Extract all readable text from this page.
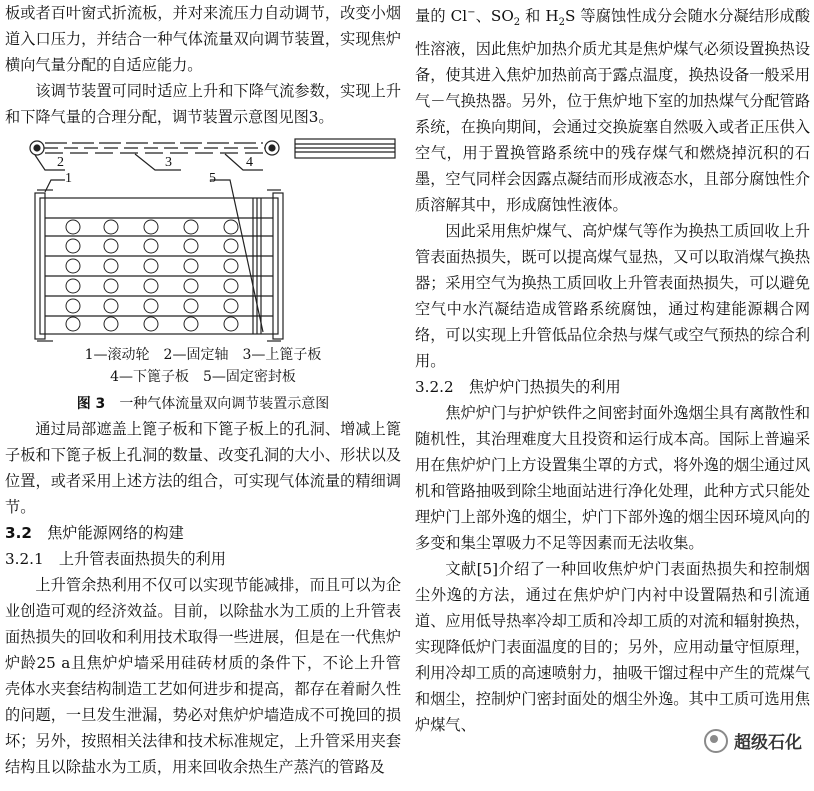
板或者百叶窗式折流板，并对来流压力自动调节，改变小烟道入口压力，并结合一种气体流量双向调节装置，实现焦炉横向气量分配的自适应能力。

该调节装置可同时适应上升和下降气流参数，实现上升和下降气量的合理分配，调节装置示意图见图3。

2	3	4
1	5

1—滚动轮　2—固定轴　3—上篦子板

4—下篦子板　5—固定密封板

图 3　 一种气体流量双向调节装置示意图

通过局部遮盖上篦子板和下篦子板上的孔洞、增减上篦子板和下篦子板上孔洞的数量、改变孔洞的大小、形状以及位置，或者采用上述方法的组合，可实现气体流量的精细调节。

3.2　 焦炉能源网络的构建

3.2.1　上升管表面热损失的利用

上升管余热利用不仅可以实现节能减排，而且可以为企业创造可观的经济效益。目前，以除盐水为工质的上升管表面热损失的回收和利用技术取得一些进展，但是在一代焦炉炉龄25 a且焦炉炉墙采用硅砖材质的条件下，不论上升管壳体水夹套结构制造工艺如何进步和提高，都存在着耐久性的问题，一旦发生泄漏，势必对焦炉炉墙造成不可挽回的损坏；另外，按照相关法律和技术标准规定，上升管采用夹套结构且以除盐水为工质，用来回收余热生产蒸汽的管路及

量的 Cl−、$SO_2$ 和 $H_2S$ 等腐蚀性成分会随水分凝结形成酸性溶液，因此焦炉加热介质尤其是焦炉煤气必须设置换热设备，使其进入焦炉加热前高于露点温度，换热设备一般采用气－气换热器。另外，位于焦炉地下室的加热煤气分配管路系统，在换向期间，会通过交换旋塞自然吸入或者正压供入空气，用于置换管路系统中的残存煤气和燃烧掉沉积的石墨，空气同样会因露点凝结而形成液态水，且部分腐蚀性介质溶解其中，形成腐蚀性液体。

因此采用焦炉煤气、高炉煤气等作为换热工质回收上升管表面热损失，既可以提高煤气显热，又可以取消煤气换热器；采用空气为换热工质回收上升管表面热损失，可以避免空气中水汽凝结造成管路系统腐蚀，通过构建能源耦合网络，可以实现上升管低品位余热与煤气或空气预热的综合利用。

3.2.2　焦炉炉门热损失的利用

焦炉炉门与护炉铁件之间密封面外逸烟尘具有离散性和随机性，其治理难度大且投资和运行成本高。国际上普遍采用在焦炉炉门上方设置集尘罩的方式，将外逸的烟尘通过风机和管路抽吸到除尘地面站进行净化处理，此种方式只能处理炉门上部外逸的烟尘，炉门下部外逸的烟尘因环境风向的多变和集尘罩吸力不足等因素而无法收集。

文献[5]介绍了一种回收焦炉炉门表面热损失和控制烟尘外逸的方法，通过在焦炉炉门内衬中设置隔热和引流通道、应用低导热率冷却工质和冷却工质的对流和辐射换热，实现降低炉门表面温度的目的；另外，应用动量守恒原理，利用冷却工质的高速喷射力，抽吸干馏过程中产生的荒煤气和烟尘，控制炉门密封面处的烟尘外逸。其中工质可选用焦炉煤气、

超级石化
